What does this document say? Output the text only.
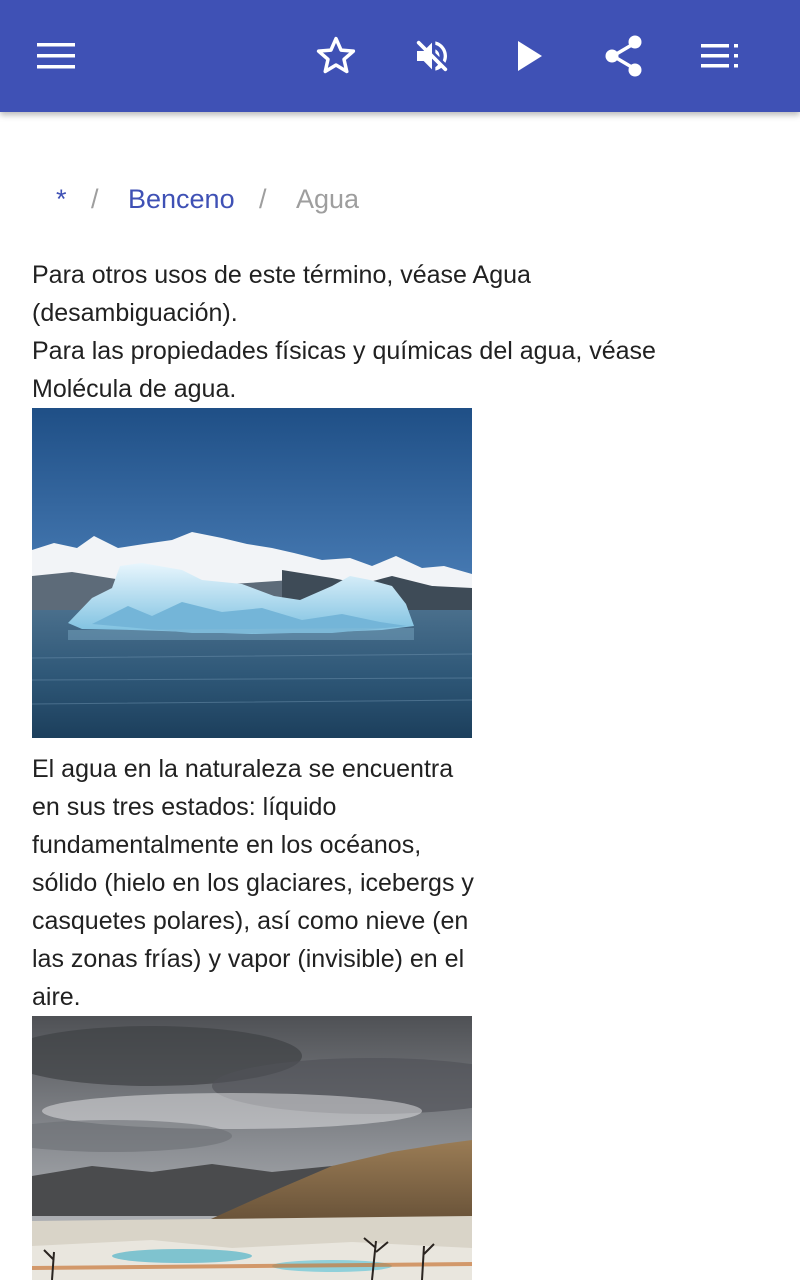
* / Benceno / Agua

Para otros usos de este término, véase Agua (desambiguación).

Para las propiedades físicas y químicas del agua, véase Molécula de agua.

El agua en la naturaleza se encuentra en sus tres estados: líquido fundamentalmente en los océanos, sólido (hielo en los glaciares, icebergs y casquetes polares), así como nieve (en las zonas frías) y vapor (invisible) en el aire.
